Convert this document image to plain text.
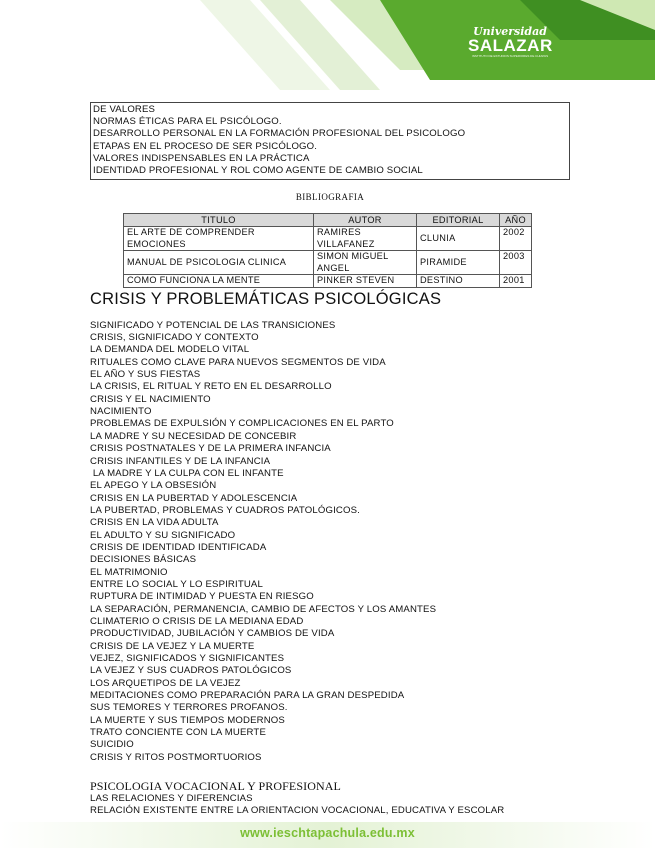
Universidad
SALAZAR
INSTITUTO DE ESTUDIOS SUPERIORES DE CHIAPAS
DE VALORES
NORMAS ÉTICAS PARA EL PSICÓLOGO.
DESARROLLO PERSONAL EN LA FORMACIÓN PROFESIONAL DEL PSICOLOGO
ETAPAS EN EL PROCESO DE SER PSICÓLOGO.
VALORES INDISPENSABLES EN LA PRÁCTICA
IDENTIDAD PROFESIONAL Y ROL COMO AGENTE DE CAMBIO SOCIAL
BIBLIOGRAFIA
TITULO	AUTOR	EDITORIAL	AÑO
EL ARTE DE COMPRENDER EMOCIONES	RAMIRES VILLAFANEZ	CLUNIA	2002
MANUAL DE PSICOLOGIA CLINICA	SIMON MIGUEL ANGEL	PIRAMIDE	2003
COMO FUNCIONA LA MENTE	PINKER STEVEN	DESTINO	2001
CRISIS Y PROBLEMÁTICAS PSICOLÓGICAS
SIGNIFICADO Y POTENCIAL DE LAS TRANSICIONES
CRISIS, SIGNIFICADO Y CONTEXTO
LA DEMANDA DEL MODELO VITAL
RITUALES COMO CLAVE PARA NUEVOS SEGMENTOS DE VIDA
EL AÑO Y SUS FIESTAS
LA CRISIS, EL RITUAL Y RETO EN EL DESARROLLO
CRISIS Y EL NACIMIENTO
NACIMIENTO
PROBLEMAS DE EXPULSIÓN Y COMPLICACIONES EN EL PARTO
LA MADRE Y SU NECESIDAD DE CONCEBIR
CRISIS POSTNATALES Y DE LA PRIMERA INFANCIA
CRISIS INFANTILES Y DE LA INFANCIA
LA MADRE Y LA CULPA CON EL INFANTE
EL APEGO Y LA OBSESIÓN
CRISIS EN LA PUBERTAD Y ADOLESCENCIA
LA PUBERTAD, PROBLEMAS Y CUADROS PATOLÓGICOS.
CRISIS EN LA VIDA ADULTA
EL ADULTO Y SU SIGNIFICADO
CRISIS DE IDENTIDAD IDENTIFICADA
DECISIONES BÁSICAS
EL MATRIMONIO
ENTRE LO SOCIAL Y LO ESPIRITUAL
RUPTURA DE INTIMIDAD Y PUESTA EN RIESGO
LA SEPARACIÓN, PERMANENCIA, CAMBIO DE AFECTOS Y LOS AMANTES
CLIMATERIO O CRISIS DE LA MEDIANA EDAD
PRODUCTIVIDAD, JUBILACIÓN Y CAMBIOS DE VIDA
CRISIS DE LA VEJEZ Y LA MUERTE
VEJEZ, SIGNIFICADOS Y SIGNIFICANTES
LA VEJEZ Y SUS CUADROS PATOLÓGICOS
LOS ARQUETIPOS DE LA VEJEZ
MEDITACIONES COMO PREPARACIÓN PARA LA GRAN DESPEDIDA
SUS TEMORES Y TERRORES PROFANOS.
LA MUERTE Y SUS TIEMPOS MODERNOS
TRATO CONCIENTE CON LA MUERTE
SUICIDIO
CRISIS Y RITOS POSTMORTUORIOS
PSICOLOGIA VOCACIONAL Y PROFESIONAL
LAS RELACIONES Y DIFERENCIAS
RELACIÓN EXISTENTE ENTRE LA ORIENTACION VOCACIONAL, EDUCATIVA Y ESCOLAR
www.ieschtapachula.edu.mx
